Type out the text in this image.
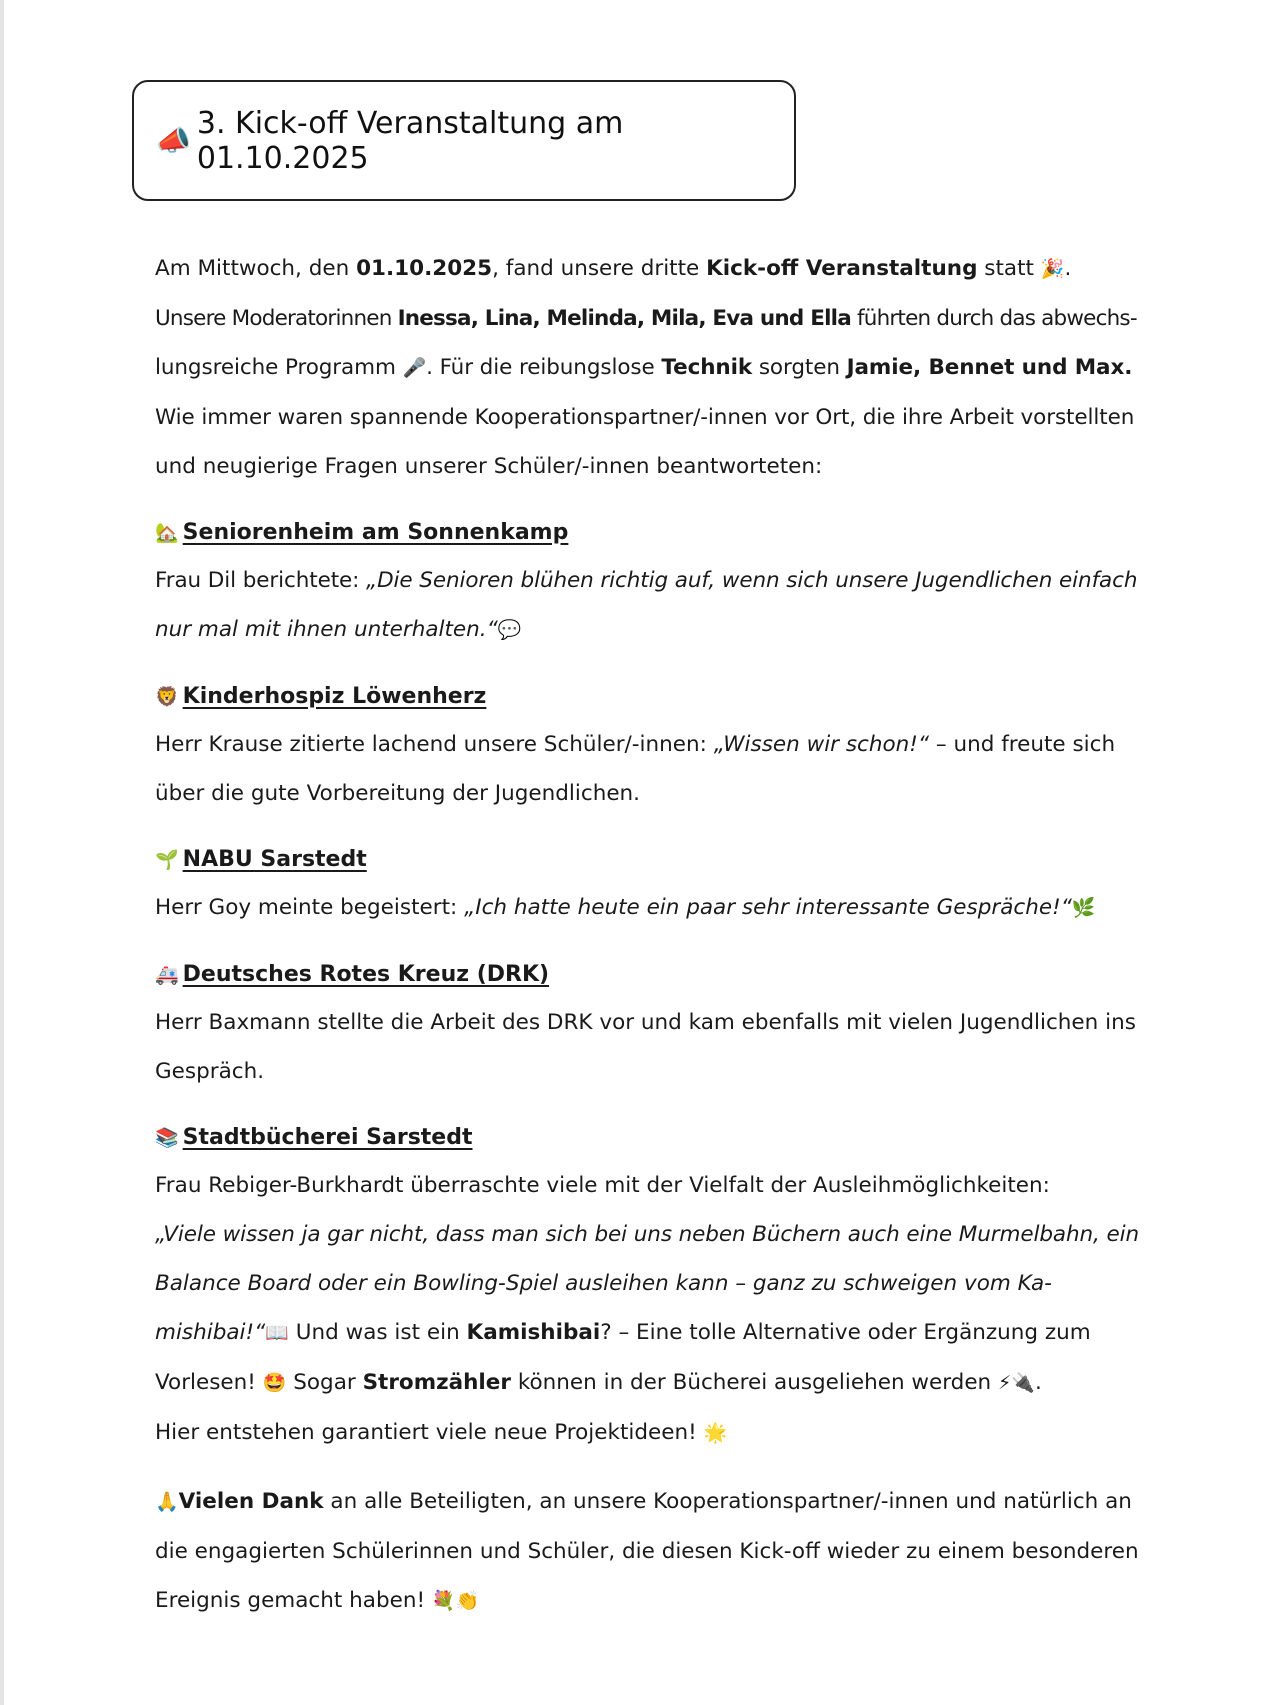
📣 3. Kick-off Veranstaltung am 01.10.2025
Am Mittwoch, den 01.10.2025, fand unsere dritte Kick-off Veranstaltung statt 🎉.
Unsere Moderatorinnen Inessa, Lina, Melinda, Mila, Eva und Ella führten durch das abwechs-
lungsreiche Programm 🎤. Für die reibungslose Technik sorgten Jamie, Bennet und Max.
Wie immer waren spannende Kooperationspartner/-innen vor Ort, die ihre Arbeit vorstellten
und neugierige Fragen unserer Schüler/-innen beantworteten:
🏡 Seniorenheim am Sonnenkamp
Frau Dil berichtete: „Die Senioren blühen richtig auf, wenn sich unsere Jugendlichen einfach
nur mal mit ihnen unterhalten.“💬
🦁 Kinderhospiz Löwenherz
Herr Krause zitierte lachend unsere Schüler/-innen: „Wissen wir schon!“ – und freute sich
über die gute Vorbereitung der Jugendlichen.
🌱 NABU Sarstedt
Herr Goy meinte begeistert: „Ich hatte heute ein paar sehr interessante Gespräche!“🌿
🚑 Deutsches Rotes Kreuz (DRK)
Herr Baxmann stellte die Arbeit des DRK vor und kam ebenfalls mit vielen Jugendlichen ins
Gespräch.
📚 Stadtbücherei Sarstedt
Frau Rebiger-Burkhardt überraschte viele mit der Vielfalt der Ausleihmöglichkeiten:
„Viele wissen ja gar nicht, dass man sich bei uns neben Büchern auch eine Murmelbahn, ein
Balance Board oder ein Bowling-Spiel ausleihen kann – ganz zu schweigen vom Ka-
mishibai!“📖 Und was ist ein Kamishibai? – Eine tolle Alternative oder Ergänzung zum
Vorlesen! 🤩 Sogar Stromzähler können in der Bücherei ausgeliehen werden ⚡🔌.
Hier entstehen garantiert viele neue Projektideen! 🌟
🙏Vielen Dank an alle Beteiligten, an unsere Kooperationspartner/-innen und natürlich an
die engagierten Schülerinnen und Schüler, die diesen Kick-off wieder zu einem besonderen
Ereignis gemacht haben! 💐👏
